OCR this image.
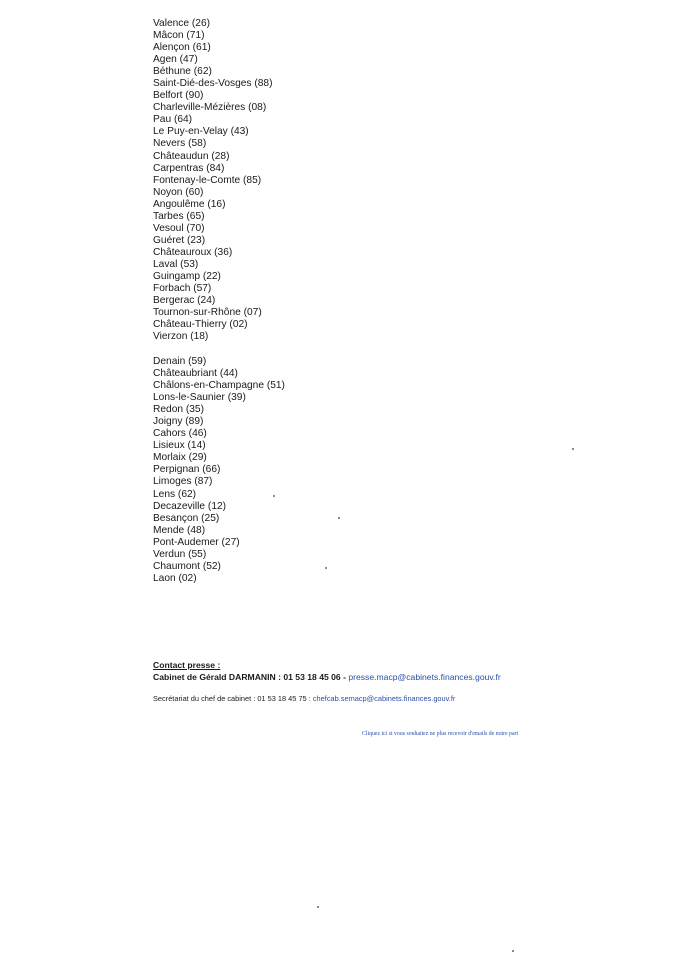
Valence (26)
Mâcon (71)
Alençon (61)
Agen (47)
Béthune (62)
Saint-Dié-des-Vosges (88)
Belfort (90)
Charleville-Mézières (08)
Pau (64)
Le Puy-en-Velay (43)
Nevers (58)
Châteaudun (28)
Carpentras (84)
Fontenay-le-Comte (85)
Noyon (60)
Angoulême (16)
Tarbes (65)
Vesoul (70)
Guéret (23)
Châteauroux (36)
Laval (53)
Guingamp (22)
Forbach (57)
Bergerac (24)
Tournon-sur-Rhône (07)
Château-Thierry (02)
Vierzon (18)
Denain (59)
Châteaubriant (44)
Châlons-en-Champagne (51)
Lons-le-Saunier (39)
Redon (35)
Joigny (89)
Cahors (46)
Lisieux (14)
Morlaix (29)
Perpignan (66)
Limoges (87)
Lens (62)
Decazeville (12)
Besançon (25)
Mende (48)
Pont-Audemer (27)
Verdun (55)
Chaumont (52)
Laon (02)
Contact presse :
Cabinet de Gérald DARMANIN : 01 53 18 45 06 - presse.macp@cabinets.finances.gouv.fr
Secrétariat du chef de cabinet : 01 53 18 45 75 : chefcab.semacp@cabinets.finances.gouv.fr
Cliquez ici si vous souhaitez ne plus recevoir d'emails de notre part
